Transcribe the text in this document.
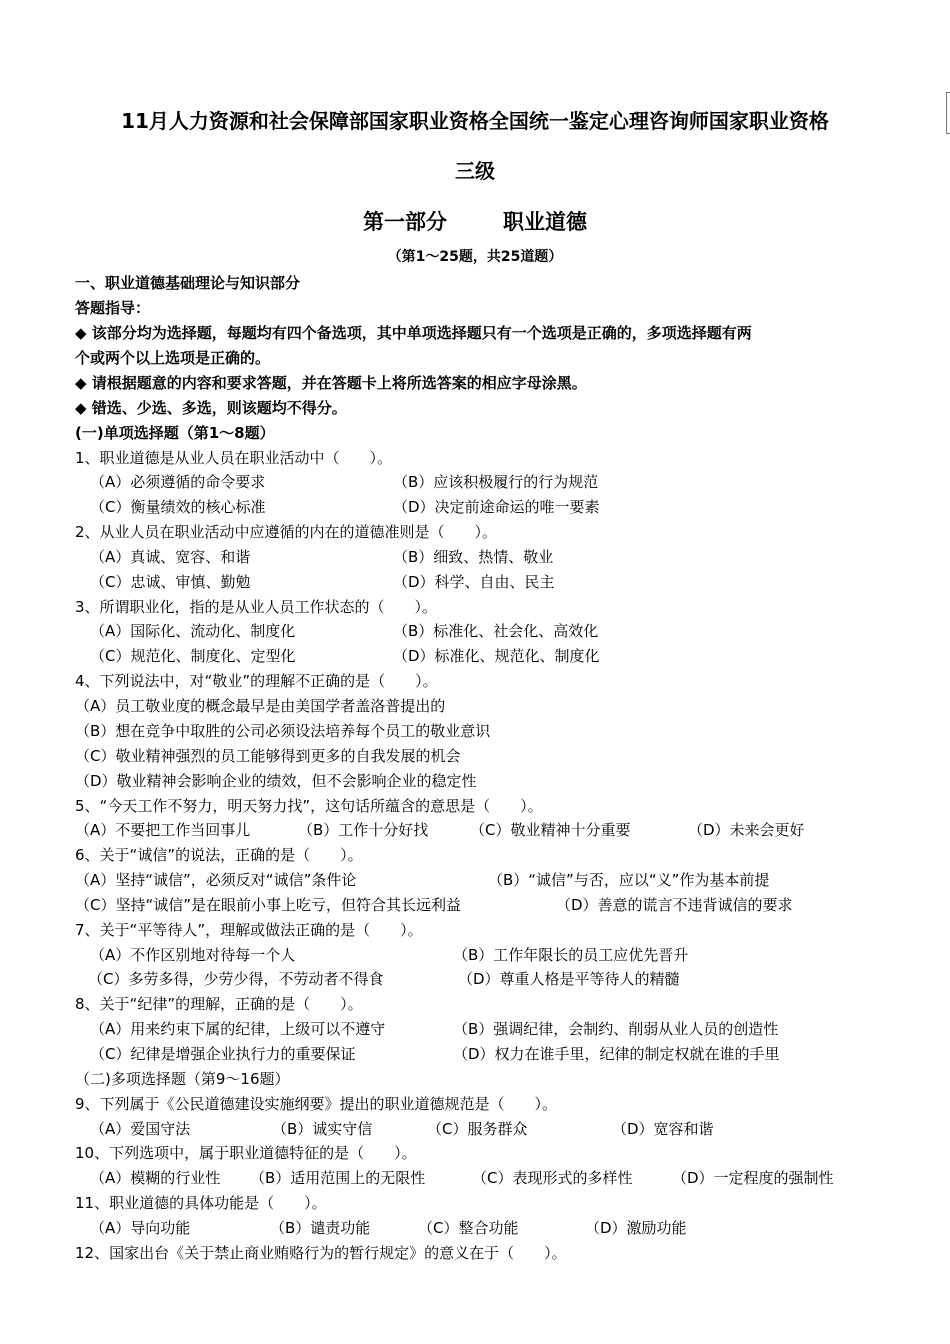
11月人力资源和社会保障部国家职业资格全国统一鉴定心理咨询师国家职业资格
三级
第一部分	职业道德
（第1～25题，共25道题）
一、职业道德基础理论与知识部分
答题指导：
◆ 该部分均为选择题，每题均有四个备选项，其中单项选择题只有一个选项是正确的，多项选择题有两
个或两个以上选项是正确的。
◆ 请根据题意的内容和要求答题，并在答题卡上将所选答案的相应字母涂黑。
◆ 错选、少选、多选，则该题均不得分。
(一)单项选择题（第1～8题）
1、职业道德是从业人员在职业活动中（　　）。
（A）必须遵循的命令要求	（B）应该积极履行的行为规范
（C）衡量绩效的核心标准	（D）决定前途命运的唯一要素
2、从业人员在职业活动中应遵循的内在的道德准则是（　　）。
（A）真诚、宽容、和谐	（B）细致、热情、敬业
（C）忠诚、审慎、勤勉	（D）科学、自由、民主
3、所谓职业化，指的是从业人员工作状态的（　　）。
（A）国际化、流动化、制度化	（B）标准化、社会化、高效化
（C）规范化、制度化、定型化	（D）标准化、规范化、制度化
4、下列说法中，对“敬业”的理解不正确的是（　　）。
（A）员工敬业度的概念最早是由美国学者盖洛普提出的
（B）想在竞争中取胜的公司必须设法培养每个员工的敬业意识
（C）敬业精神强烈的员工能够得到更多的自我发展的机会
（D）敬业精神会影响企业的绩效，但不会影响企业的稳定性
5、“今天工作不努力，明天努力找”，这句话所蕴含的意思是（　　）。
（A）不要把工作当回事儿	（B）工作十分好找	（C）敬业精神十分重要	（D）未来会更好
6、关于“诚信”的说法，正确的是（　　）。
（A）坚持“诚信”，必须反对“诚信”条件论	（B）“诚信”与否，应以“义”作为基本前提
（C）坚持“诚信”是在眼前小事上吃亏，但符合其长远利益	（D）善意的谎言不违背诚信的要求
7、关于“平等待人”，理解或做法正确的是（　　）。
（A）不作区别地对待每一个人	（B）工作年限长的员工应优先晋升
（C）多劳多得，少劳少得，不劳动者不得食	（D）尊重人格是平等待人的精髓
8、关于“纪律”的理解，正确的是（　　）。
（A）用来约束下属的纪律，上级可以不遵守	（B）强调纪律，会制约、削弱从业人员的创造性
（C）纪律是增强企业执行力的重要保证	（D）权力在谁手里，纪律的制定权就在谁的手里
（二)多项选择题（第9～16题）
9、下列属于《公民道德建设实施纲要》提出的职业道德规范是（　　）。
（A）爱国守法	（B）诚实守信	（C）服务群众	（D）宽容和谐
10、下列选项中，属于职业道德特征的是（　　）。
（A）模糊的行业性 （B）适用范围上的无限性	（C）表现形式的多样性	（D）一定程度的强制性
11、职业道德的具体功能是（　　）。
（A）导向功能	（B）谴责功能	（C）整合功能	（D）激励功能
12、国家出台《关于禁止商业贿赂行为的暂行规定》的意义在于（　　）。
